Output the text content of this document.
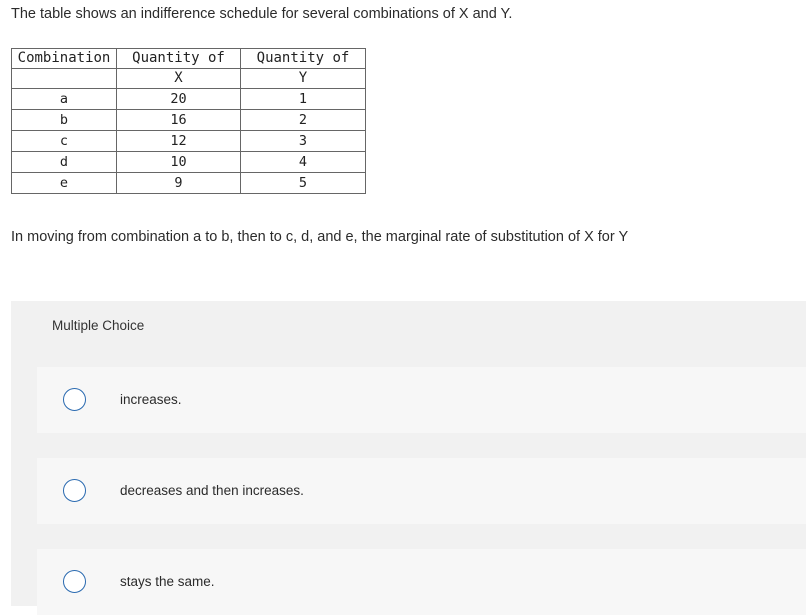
The table shows an indifference schedule for several combinations of X and Y.

Combination	Quantity of	Quantity of
	X	Y
a	20	1
b	16	2
c	12	3
d	10	4
e	9	5

In moving from combination a to b, then to c, d, and e, the marginal rate of substitution of X for Y

Multiple Choice
increases.
decreases and then increases.
stays the same.
